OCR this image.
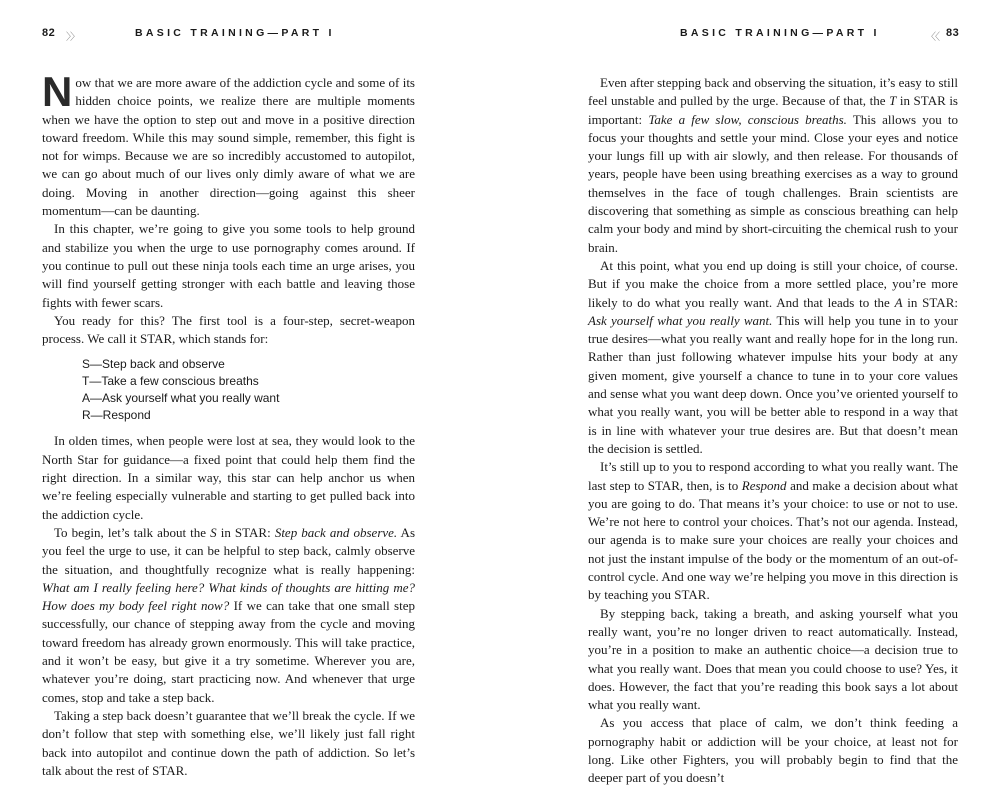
82 〉〉	BASIC TRAINING—PART I

Now that we are more aware of the addiction cycle and some of its hidden choice points, we realize there are multiple moments when we have the option to step out and move in a positive direction toward freedom. While this may sound simple, remember, this fight is not for wimps. Because we are so incredibly accustomed to autopilot, we can go about much of our lives only dimly aware of what we are doing. Moving in another direction—going against this sheer momentum—can be daunting.

In this chapter, we’re going to give you some tools to help ground and stabilize you when the urge to use pornography comes around. If you continue to pull out these ninja tools each time an urge arises, you will find yourself getting stronger with each battle and leaving those fights with fewer scars.

You ready for this? The first tool is a four-step, secret-weapon process. We call it STAR, which stands for:

S—Step back and observe
T—Take a few conscious breaths
A—Ask yourself what you really want
R—Respond

In olden times, when people were lost at sea, they would look to the North Star for guidance—a fixed point that could help them find the right direction. In a similar way, this star can help anchor us when we’re feeling especially vulnerable and starting to get pulled back into the addiction cycle.

To begin, let’s talk about the S in STAR: Step back and observe. As you feel the urge to use, it can be helpful to step back, calmly observe the situation, and thoughtfully recognize what is really happening: What am I really feeling here? What kinds of thoughts are hitting me? How does my body feel right now? If we can take that one small step successfully, our chance of stepping away from the cycle and moving toward freedom has already grown enormously. This will take practice, and it won’t be easy, but give it a try sometime. Wherever you are, whatever you’re doing, start practicing now. And whenever that urge comes, stop and take a step back.

Taking a step back doesn’t guarantee that we’ll break the cycle. If we don’t follow that step with something else, we’ll likely just fall right back into autopilot and continue down the path of addiction. So let’s talk about the rest of STAR.

BASIC TRAINING—PART I	〈〈 83

Even after stepping back and observing the situation, it’s easy to still feel unstable and pulled by the urge. Because of that, the T in STAR is important: Take a few slow, conscious breaths. This allows you to focus your thoughts and settle your mind. Close your eyes and notice your lungs fill up with air slowly, and then release. For thousands of years, people have been using breathing exercises as a way to ground themselves in the face of tough challenges. Brain scientists are discovering that something as simple as conscious breathing can help calm your body and mind by short-circuiting the chemical rush to your brain.

At this point, what you end up doing is still your choice, of course. But if you make the choice from a more settled place, you’re more likely to do what you really want. And that leads to the A in STAR: Ask yourself what you really want. This will help you tune in to your true desires—what you really want and really hope for in the long run. Rather than just following whatever impulse hits your body at any given moment, give yourself a chance to tune in to your core values and sense what you want deep down. Once you’ve oriented yourself to what you really want, you will be better able to respond in a way that is in line with whatever your true desires are. But that doesn’t mean the decision is settled.

It’s still up to you to respond according to what you really want. The last step to STAR, then, is to Respond and make a decision about what you are going to do. That means it’s your choice: to use or not to use. We’re not here to control your choices. That’s not our agenda. Instead, our agenda is to make sure your choices are really your choices and not just the instant impulse of the body or the momentum of an out-of-control cycle. And one way we’re helping you move in this direction is by teaching you STAR.

By stepping back, taking a breath, and asking yourself what you really want, you’re no longer driven to react automatically. Instead, you’re in a position to make an authentic choice—a decision true to what you really want. Does that mean you could choose to use? Yes, it does. However, the fact that you’re reading this book says a lot about what you really want.

As you access that place of calm, we don’t think feeding a pornography habit or addiction will be your choice, at least not for long. Like other Fighters, you will probably begin to find that the deeper part of you doesn’t
